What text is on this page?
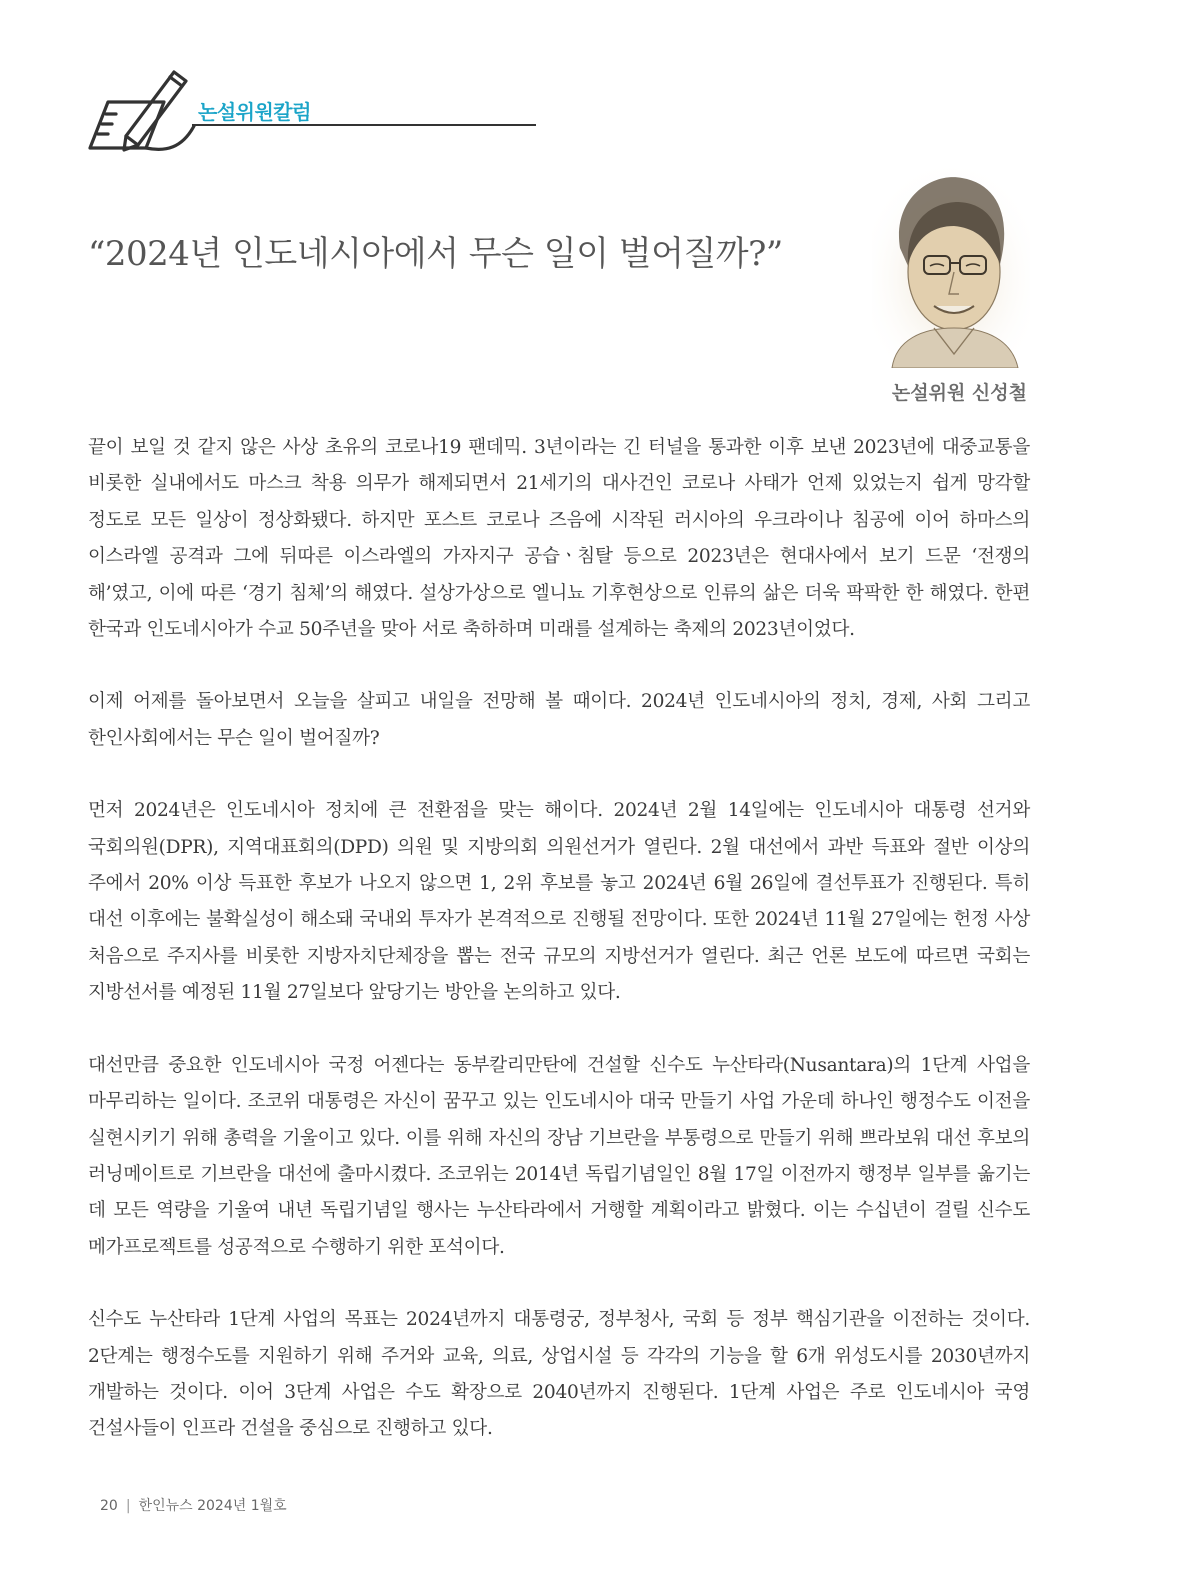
논설위원칼럼
“2024년 인도네시아에서 무슨 일이 벌어질까?”
논설위원 신성철

끝이 보일 것 같지 않은 사상 초유의 코로나19 팬데믹. 3년이라는 긴 터널을 통과한 이후 보낸 2023년에 대중교통을 비롯한 실내에서도 마스크 착용 의무가 해제되면서 21세기의 대사건인 코로나 사태가 언제 있었는지 쉽게 망각할 정도로 모든 일상이 정상화됐다. 하지만 포스트 코로나 즈음에 시작된 러시아의 우크라이나 침공에 이어 하마스의 이스라엘 공격과 그에 뒤따른 이스라엘의 가자지구 공습ㆍ침탈 등으로 2023년은 현대사에서 보기 드문 ‘전쟁의 해’였고, 이에 따른 ‘경기 침체’의 해였다. 설상가상으로 엘니뇨 기후현상으로 인류의 삶은 더욱 팍팍한 한 해였다. 한편 한국과 인도네시아가 수교 50주년을 맞아 서로 축하하며 미래를 설계하는 축제의 2023년이었다.

이제 어제를 돌아보면서 오늘을 살피고 내일을 전망해 볼 때이다. 2024년 인도네시아의 정치, 경제, 사회 그리고 한인사회에서는 무슨 일이 벌어질까?

먼저 2024년은 인도네시아 정치에 큰 전환점을 맞는 해이다. 2024년 2월 14일에는 인도네시아 대통령 선거와 국회의원(DPR), 지역대표회의(DPD) 의원 및 지방의회 의원선거가 열린다. 2월 대선에서 과반 득표와 절반 이상의 주에서 20% 이상 득표한 후보가 나오지 않으면 1, 2위 후보를 놓고 2024년 6월 26일에 결선투표가 진행된다. 특히 대선 이후에는 불확실성이 해소돼 국내외 투자가 본격적으로 진행될 전망이다. 또한 2024년 11월 27일에는 헌정 사상 처음으로 주지사를 비롯한 지방자치단체장을 뽑는 전국 규모의 지방선거가 열린다. 최근 언론 보도에 따르면 국회는 지방선서를 예정된 11월 27일보다 앞당기는 방안을 논의하고 있다.

대선만큼 중요한 인도네시아 국정 어젠다는 동부칼리만탄에 건설할 신수도 누산타라(Nusantara)의 1단계 사업을 마무리하는 일이다. 조코위 대통령은 자신이 꿈꾸고 있는 인도네시아 대국 만들기 사업 가운데 하나인 행정수도 이전을 실현시키기 위해 총력을 기울이고 있다. 이를 위해 자신의 장남 기브란을 부통령으로 만들기 위해 쁘라보워 대선 후보의 러닝메이트로 기브란을 대선에 출마시켰다. 조코위는 2014년 독립기념일인 8월 17일 이전까지 행정부 일부를 옮기는 데 모든 역량을 기울여 내년 독립기념일 행사는 누산타라에서 거행할 계획이라고 밝혔다. 이는 수십년이 걸릴 신수도 메가프로젝트를 성공적으로 수행하기 위한 포석이다.

신수도 누산타라 1단계 사업의 목표는 2024년까지 대통령궁, 정부청사, 국회 등 정부 핵심기관을 이전하는 것이다. 2단계는 행정수도를 지원하기 위해 주거와 교육, 의료, 상업시설 등 각각의 기능을 할 6개 위성도시를 2030년까지 개발하는 것이다. 이어 3단계 사업은 수도 확장으로 2040년까지 진행된다. 1단계 사업은 주로 인도네시아 국영 건설사들이 인프라 건설을 중심으로 진행하고 있다.

20 | 한인뉴스 2024년 1월호
